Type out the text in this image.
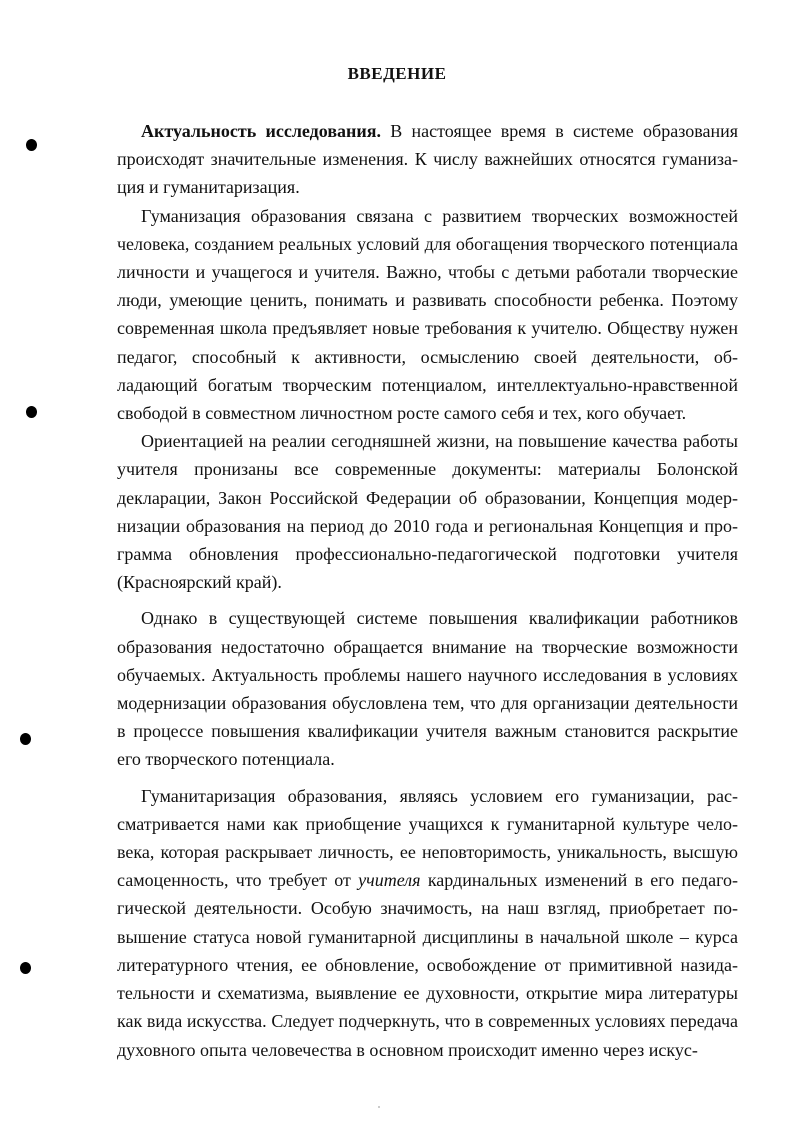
ВВЕДЕНИЕ

Актуальность исследования. В настоящее время в системе образования происходят значительные изменения. К числу важнейших относятся гуманизация и гуманитаризация.

Гуманизация образования связана с развитием творческих возможностей человека, созданием реальных условий для обогащения творческого потенциала личности и учащегося и учителя. Важно, чтобы с детьми работали творческие люди, умеющие ценить, понимать и развивать способности ребенка. Поэтому современная школа предъявляет новые требования к учителю. Обществу нужен педагог, способный к активности, осмыслению своей деятельности, обладающий богатым творческим потенциалом, интеллектуально-нравственной свободой в совместном личностном росте самого себя и тех, кого обучает.

Ориентацией на реалии сегодняшней жизни, на повышение качества работы учителя пронизаны все современные документы: материалы Болонской декларации, Закон Российской Федерации об образовании, Концепция модернизации образования на период до 2010 года и региональная Концепция и программа обновления профессионально-педагогической подготовки учителя (Красноярский край).

Однако в существующей системе повышения квалификации работников образования недостаточно обращается внимание на творческие возможности обучаемых. Актуальность проблемы нашего научного исследования в условиях модернизации образования обусловлена тем, что для организации деятельности в процессе повышения квалификации учителя важным становится раскрытие его творческого потенциала.

Гуманитаризация образования, являясь условием его гуманизации, рассматривается нами как приобщение учащихся к гуманитарной культуре человека, которая раскрывает личность, ее неповторимость, уникальность, высшую самоценность, что требует от учителя кардинальных изменений в его педагогической деятельности. Особую значимость, на наш взгляд, приобретает повышение статуса новой гуманитарной дисциплины в начальной школе – курса литературного чтения, ее обновление, освобождение от примитивной назидательности и схематизма, выявление ее духовности, открытие мира литературы как вида искусства. Следует подчеркнуть, что в современных условиях передача духовного опыта человечества в основном происходит именно через искус-
